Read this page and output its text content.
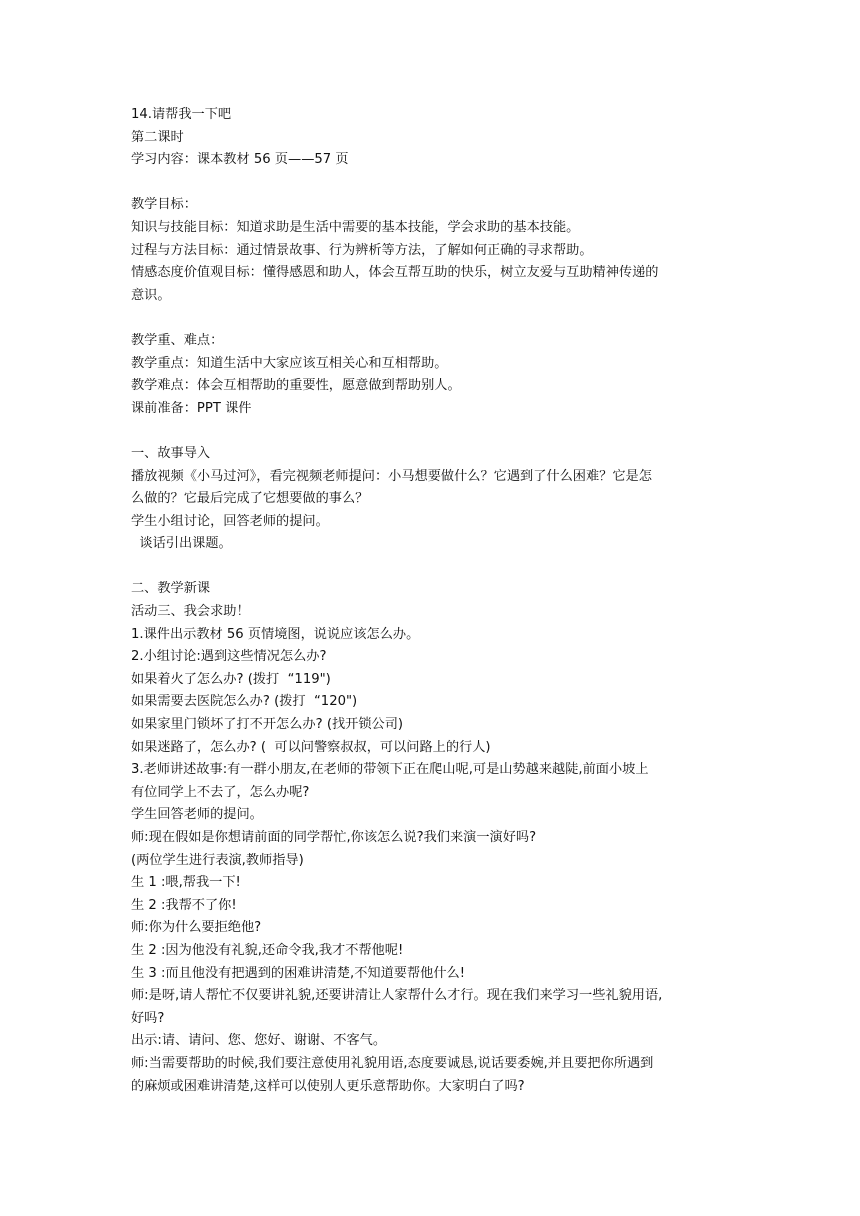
14.请帮我一下吧
第二课时
学习内容：课本教材 56 页——57 页
教学目标：
知识与技能目标：知道求助是生活中需要的基本技能，学会求助的基本技能。
过程与方法目标：通过情景故事、行为辨析等方法，了解如何正确的寻求帮助。
情感态度价值观目标：懂得感恩和助人，体会互帮互助的快乐，树立友爱与互助精神传递的
意识。
教学重、难点：
教学重点：知道生活中大家应该互相关心和互相帮助。
教学难点：体会互相帮助的重要性，愿意做到帮助别人。
课前准备：PPT 课件
一、故事导入
播放视频《小马过河》，看完视频老师提问：小马想要做什么？它遇到了什么困难？它是怎
么做的？它最后完成了它想要做的事么？
学生小组讨论，回答老师的提问。
谈话引出课题。
二、教学新课
活动三、我会求助！
1.课件出示教材 56 页情境图，说说应该怎么办。
2.小组讨论:遇到这些情况怎么办?
如果着火了怎么办? (拨打  “119")
如果需要去医院怎么办? (拨打  “120")
如果家里门锁坏了打不开怎么办? (找开锁公司)
如果迷路了，怎么办? (  可以问警察叔叔，可以问路上的行人)
3.老师讲述故事:有一群小朋友,在老师的带领下正在爬山呢,可是山势越来越陡,前面小坡上
有位同学上不去了，怎么办呢?
学生回答老师的提问。
师:现在假如是你想请前面的同学帮忙,你该怎么说?我们来演一演好吗?
(两位学生进行表演,教师指导)
生 1 :喂,帮我一下!
生 2 :我帮不了你!
师:你为什么要拒绝他?
生 2 :因为他没有礼貌,还命令我,我才不帮他呢!
生 3 :而且他没有把遇到的困难讲清楚,不知道要帮他什么!
师:是呀,请人帮忙不仅要讲礼貌,还要讲清让人家帮什么才行。现在我们来学习一些礼貌用语,
好吗?
出示:请、请问、您、您好、谢谢、不客气。
师:当需要帮助的时候,我们要注意使用礼貌用语,态度要诚恳,说话要委婉,并且要把你所遇到
的麻烦或困难讲清楚,这样可以使别人更乐意帮助你。大家明白了吗?
